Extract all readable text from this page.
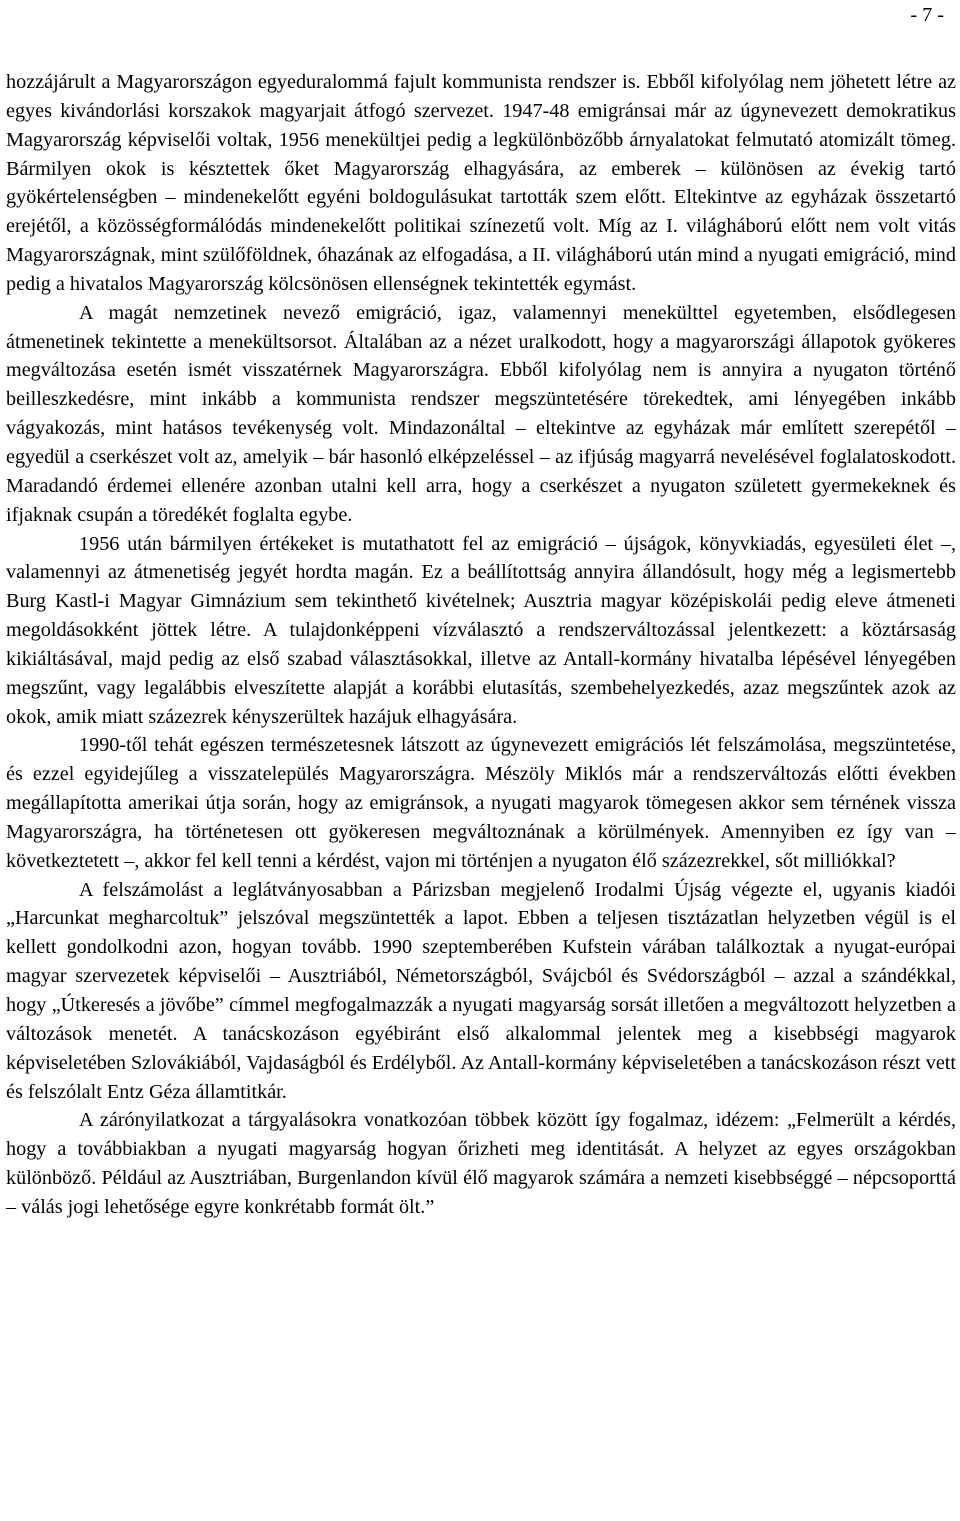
- 7 -

hozzájárult a Magyarországon egyeduralommá fajult kommunista rendszer is. Ebből kifolyólag nem jöhetett létre az egyes kivándorlási korszakok magyarjait átfogó szervezet. 1947-48 emigránsai már az úgynevezett demokratikus Magyarország képviselői voltak, 1956 menekültjei pedig a legkülönbözőbb árnyalatokat felmutató atomizált tömeg. Bármilyen okok is késztettek őket Magyarország elhagyására, az emberek – különösen az évekig tartó gyökértelenségben – mindenekelőtt egyéni boldogulásukat tartották szem előtt. Eltekintve az egyházak összetartó erejétől, a közösségformálódás mindenekelőtt politikai színezetű volt. Míg az I. világháború előtt nem volt vitás Magyarországnak, mint szülőföldnek, óhazának az elfogadása, a II. világháború után mind a nyugati emigráció, mind pedig a hivatalos Magyarország kölcsönösen ellenségnek tekintették egymást.

A magát nemzetinek nevező emigráció, igaz, valamennyi menekülttel egyetemben, elsődlegesen átmenetinek tekintette a menekültsorsot. Általában az a nézet uralkodott, hogy a magyarországi állapotok gyökeres megváltozása esetén ismét visszatérnek Magyarországra. Ebből kifolyólag nem is annyira a nyugaton történő beilleszkedésre, mint inkább a kommunista rendszer megszüntetésére törekedtek, ami lényegében inkább vágyakozás, mint hatásos tevékenység volt. Mindazonáltal – eltekintve az egyházak már említett szerepétől – egyedül a cserkészet volt az, amelyik – bár hasonló elképzeléssel – az ifjúság magyarrá nevelésével foglalatoskodott. Maradandó érdemei ellenére azonban utalni kell arra, hogy a cserkészet a nyugaton született gyermekeknek és ifjaknak csupán a töredékét foglalta egybe.

1956 után bármilyen értékeket is mutathatott fel az emigráció – újságok, könyvkiadás, egyesületi élet –, valamennyi az átmenetiség jegyét hordta magán. Ez a beállítottság annyira állandósult, hogy még a legismertebb Burg Kastl-i Magyar Gimnázium sem tekinthető kivételnek; Ausztria magyar középiskolái pedig eleve átmeneti megoldásokként jöttek létre. A tulajdonképpeni vízválasztó a rendszerváltozással jelentkezett: a köztársaság kikiáltásával, majd pedig az első szabad választásokkal, illetve az Antall-kormány hivatalba lépésével lényegében megszűnt, vagy legalábbis elveszítette alapját a korábbi elutasítás, szembehelyezkedés, azaz megszűntek azok az okok, amik miatt százezrek kényszerültek hazájuk elhagyására.

1990-től tehát egészen természetesnek látszott az úgynevezett emigrációs lét felszámolása, megszüntetése, és ezzel egyidejűleg a visszatelepülés Magyarországra. Mészöly Miklós már a rendszerváltozás előtti években megállapította amerikai útja során, hogy az emigránsok, a nyugati magyarok tömegesen akkor sem térnének vissza Magyarországra, ha történetesen ott gyökeresen megváltoznának a körülmények. Amennyiben ez így van – következtetett –, akkor fel kell tenni a kérdést, vajon mi történjen a nyugaton élő százezrekkel, sőt milliókkal?

A felszámolást a leglátványosabban a Párizsban megjelenő Irodalmi Újság végezte el, ugyanis kiadói „Harcunkat megharcoltuk” jelszóval megszüntették a lapot. Ebben a teljesen tisztázatlan helyzetben végül is el kellett gondolkodni azon, hogyan tovább. 1990 szeptemberében Kufstein várában találkoztak a nyugat-európai magyar szervezetek képviselői – Ausztriából, Németországból, Svájcból és Svédországból – azzal a szándékkal, hogy „Útkeresés a jövőbe” címmel megfogalmazzák a nyugati magyarság sorsát illetően a megváltozott helyzetben a változások menetét. A tanácskozáson egyébiránt első alkalommal jelentek meg a kisebbségi magyarok képviseletében Szlovákiából, Vajdaságból és Erdélyből. Az Antall-kormány képviseletében a tanácskozáson részt vett és felszólalt Entz Géza államtitkár.

A zárónyilatkozat a tárgyalásokra vonatkozóan többek között így fogalmaz, idézem: „Felmerült a kérdés, hogy a továbbiakban a nyugati magyarság hogyan őrizheti meg identitását. A helyzet az egyes országokban különböző. Például az Ausztriában, Burgenlandon kívül élő magyarok számára a nemzeti kisebbséggé – népcsoporttá – válás jogi lehetősége egyre konkrétabb formát ölt.”
